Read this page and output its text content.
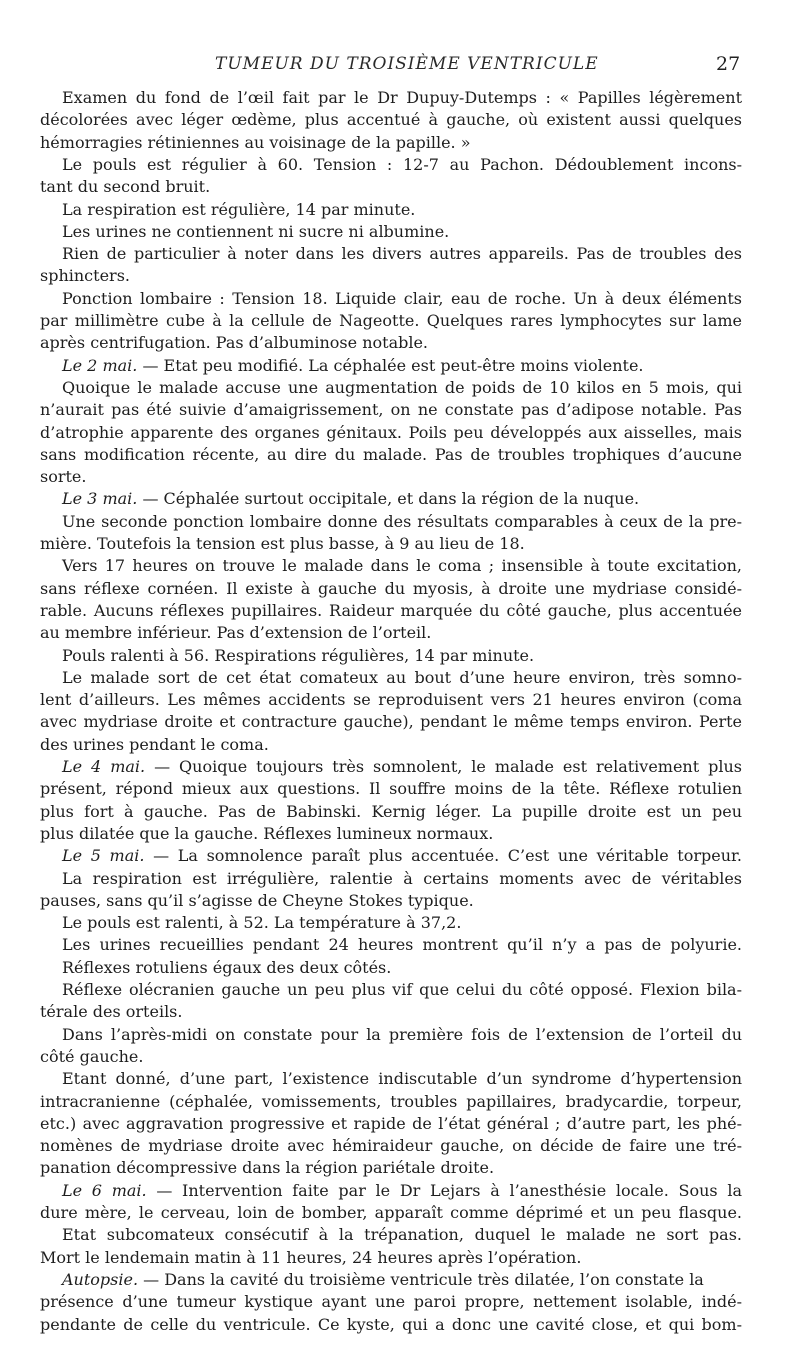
TUMEUR DU TROISIÈME VENTRICULE	27
Examen du fond de l’œil fait par le Dr Dupuy-Dutemps : « Papilles légèrement
décolorées avec léger œdème, plus accentué à gauche, où existent aussi quelques
hémorragies rétiniennes au voisinage de la papille. »
Le pouls est régulier à 60. Tension : 12-7 au Pachon. Dédoublement incons-
tant du second bruit.
La respiration est régulière, 14 par minute.
Les urines ne contiennent ni sucre ni albumine.
Rien de particulier à noter dans les divers autres appareils. Pas de troubles des
sphincters.
Ponction lombaire : Tension 18. Liquide clair, eau de roche. Un à deux éléments
par millimètre cube à la cellule de Nageotte. Quelques rares lymphocytes sur lame
après centrifugation. Pas d’albuminose notable.
Le 2 mai. — Etat peu modifié. La céphalée est peut-être moins violente.
Quoique le malade accuse une augmentation de poids de 10 kilos en 5 mois, qui
n’aurait pas été suivie d’amaigrissement, on ne constate pas d’adipose notable. Pas
d’atrophie apparente des organes génitaux. Poils peu développés aux aisselles, mais
sans modification récente, au dire du malade. Pas de troubles trophiques d’aucune
sorte.
Le 3 mai. — Céphalée surtout occipitale, et dans la région de la nuque.
Une seconde ponction lombaire donne des résultats comparables à ceux de la pre-
mière. Toutefois la tension est plus basse, à 9 au lieu de 18.
Vers 17 heures on trouve le malade dans le coma ; insensible à toute excitation,
sans réflexe cornéen. Il existe à gauche du myosis, à droite une mydriase considé-
rable. Aucuns réflexes pupillaires. Raideur marquée du côté gauche, plus accentuée
au membre inférieur. Pas d’extension de l’orteil.
Pouls ralenti à 56. Respirations régulières, 14 par minute.
Le malade sort de cet état comateux au bout d’une heure environ, très somno-
lent d’ailleurs. Les mêmes accidents se reproduisent vers 21 heures environ (coma
avec mydriase droite et contracture gauche), pendant le même temps environ. Perte
des urines pendant le coma.
Le 4 mai. — Quoique toujours très somnolent, le malade est relativement plus
présent, répond mieux aux questions. Il souffre moins de la tête. Réflexe rotulien
plus fort à gauche. Pas de Babinski. Kernig léger. La pupille droite est un peu
plus dilatée que la gauche. Réflexes lumineux normaux.
Le 5 mai. — La somnolence paraît plus accentuée. C’est une véritable torpeur.
La respiration est irrégulière, ralentie à certains moments avec de véritables
pauses, sans qu’il s’agisse de Cheyne Stokes typique.
Le pouls est ralenti, à 52. La température à 37,2.
Les urines recueillies pendant 24 heures montrent qu’il n’y a pas de polyurie.
Réflexes rotuliens égaux des deux côtés.
Réflexe olécranien gauche un peu plus vif que celui du côté opposé. Flexion bila-
térale des orteils.
Dans l’après-midi on constate pour la première fois de l’extension de l’orteil du
côté gauche.
Etant donné, d’une part, l’existence indiscutable d’un syndrome d’hypertension
intracranienne (céphalée, vomissements, troubles papillaires, bradycardie, torpeur,
etc.) avec aggravation progressive et rapide de l’état général ; d’autre part, les phé-
nomènes de mydriase droite avec hémiraideur gauche, on décide de faire une tré-
panation décompressive dans la région pariétale droite.
Le 6 mai. — Intervention faite par le Dr Lejars à l’anesthésie locale. Sous la
dure mère, le cerveau, loin de bomber, apparaît comme déprimé et un peu flasque.
Etat subcomateux consécutif à la trépanation, duquel le malade ne sort pas.
Mort le lendemain matin à 11 heures, 24 heures après l’opération.
Autopsie. — Dans la cavité du troisième ventricule très dilatée, l’on constate la
présence d’une tumeur kystique ayant une paroi propre, nettement isolable, indé-
pendante de celle du ventricule. Ce kyste, qui a donc une cavité close, et qui bom-
